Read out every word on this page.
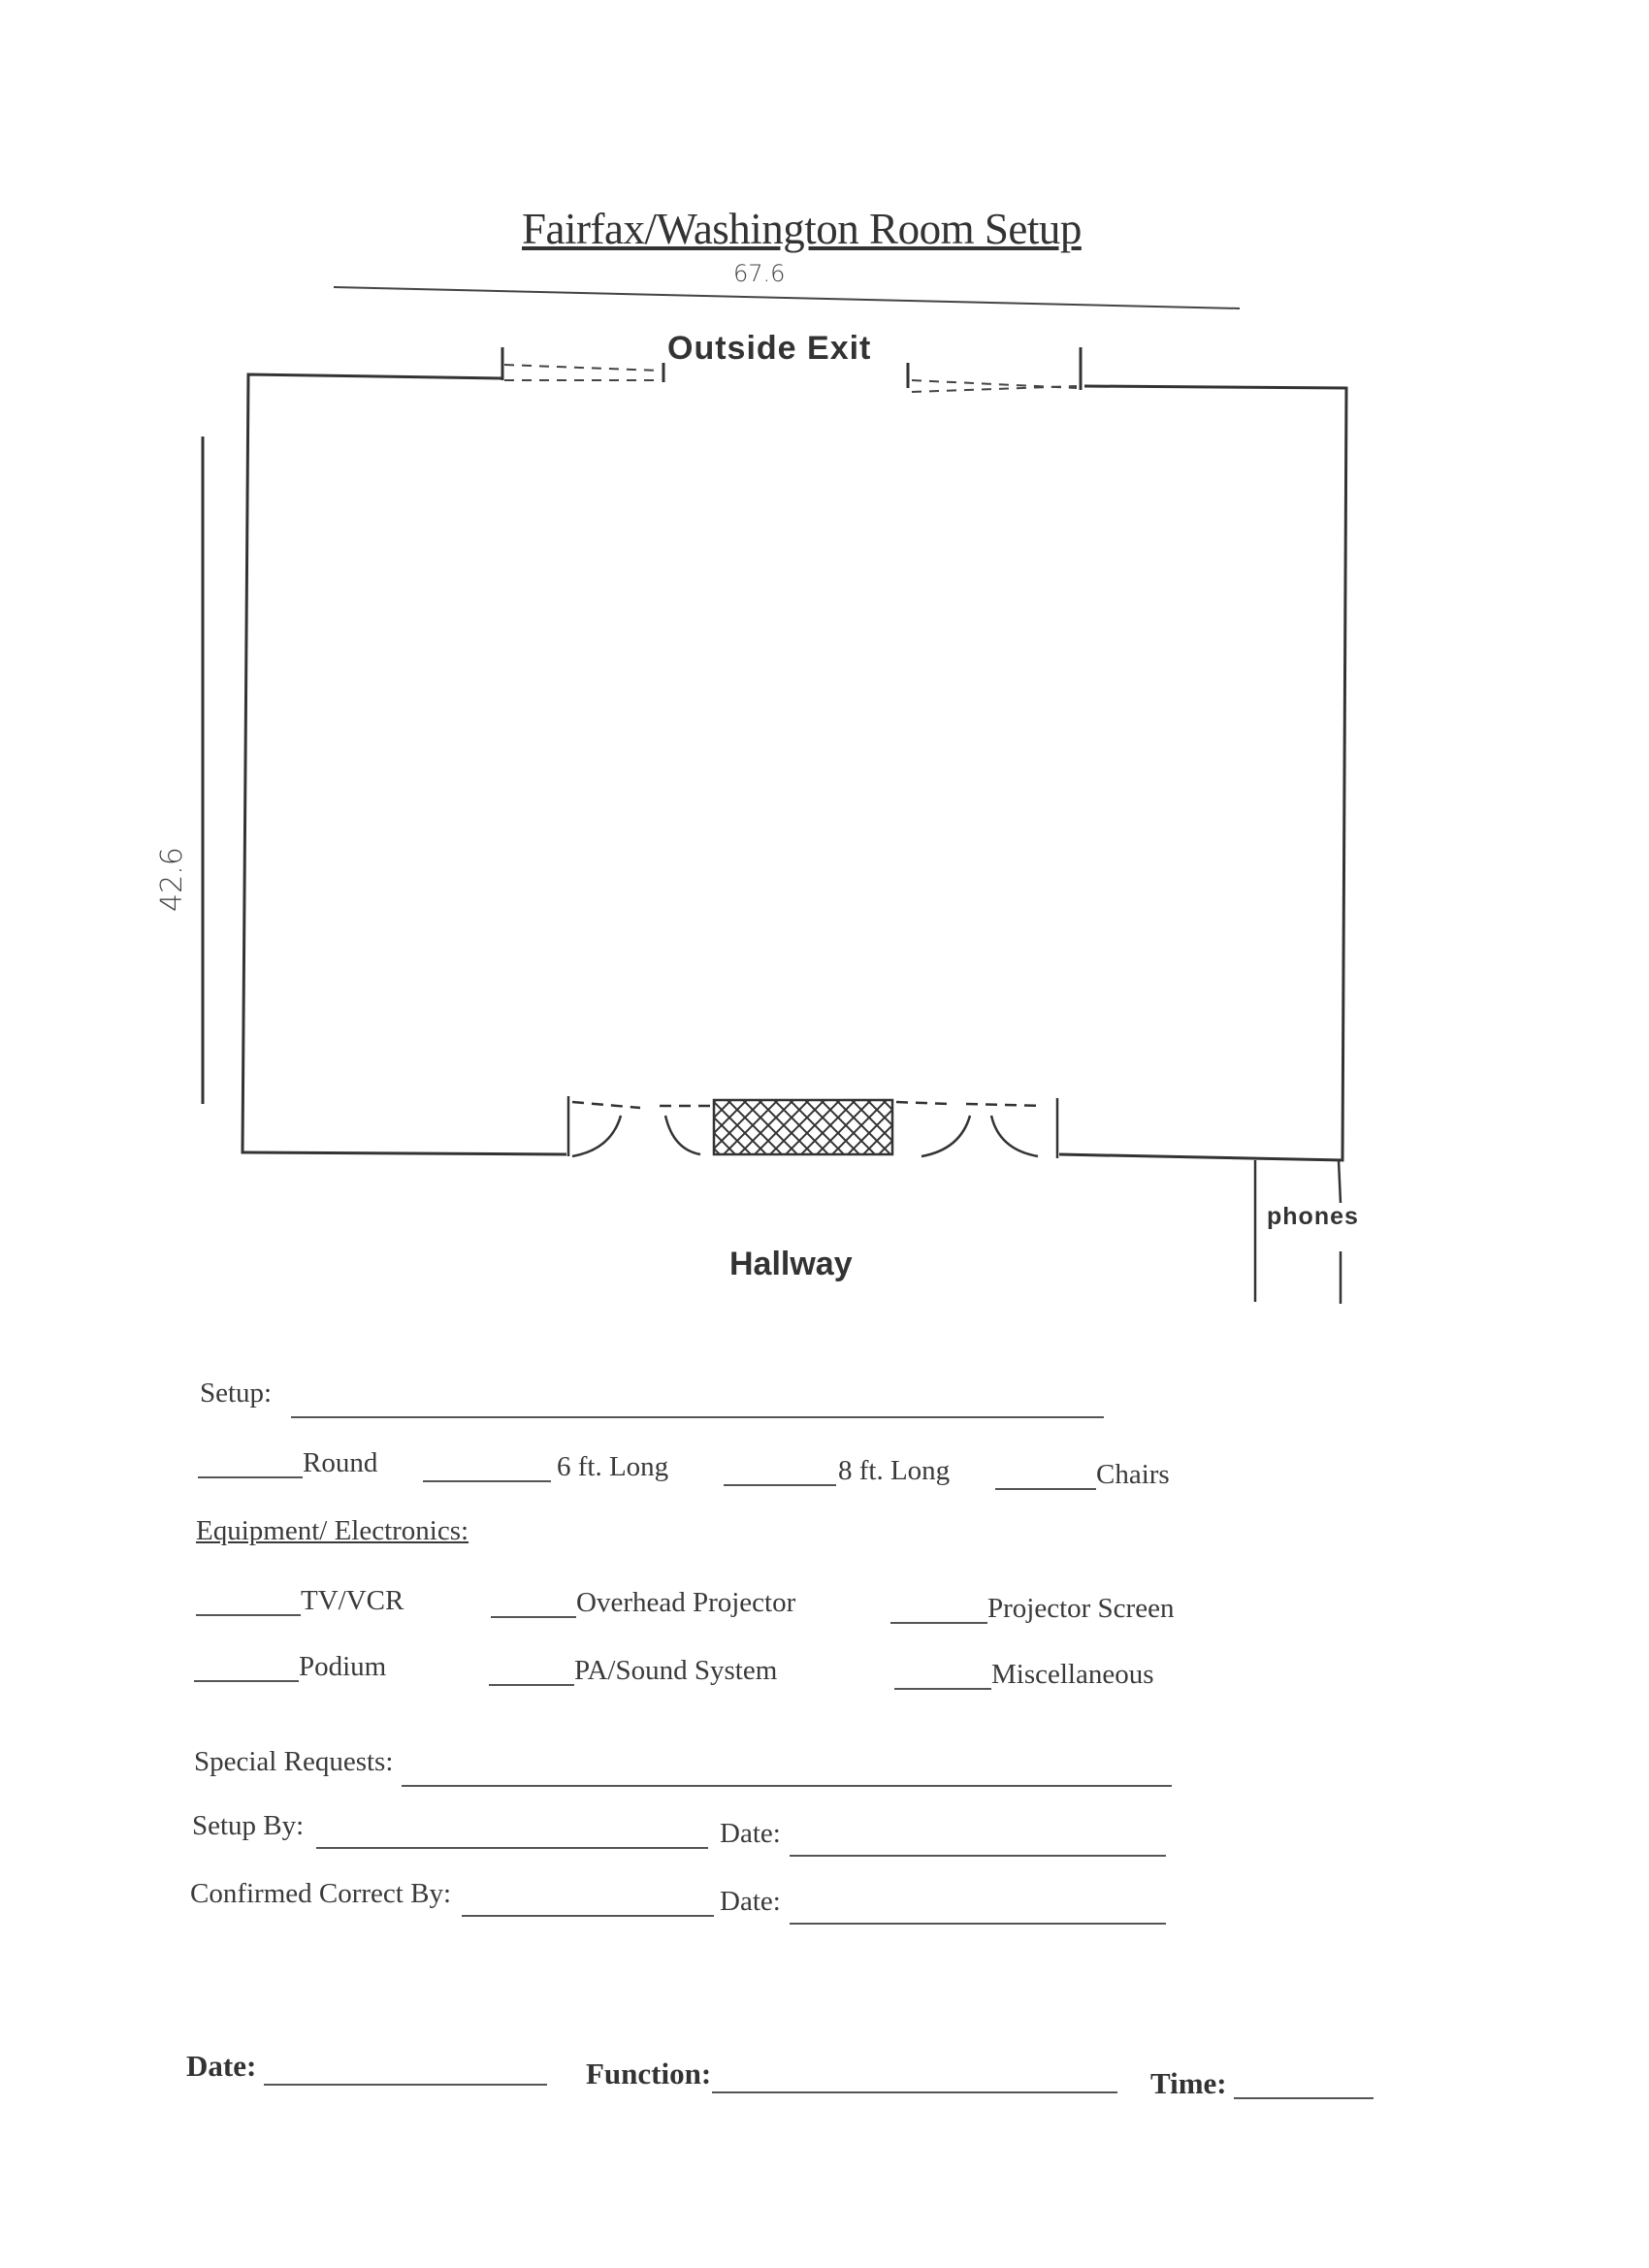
Fairfax/Washington Room Setup
67.6
42.6
Outside Exit
Hallway
phones
Setup:
Round	6 ft. Long	8 ft. Long	Chairs
Equipment/ Electronics:
TV/VCR	Overhead Projector	Projector Screen
Podium	PA/Sound System	Miscellaneous
Special Requests:
Setup By:	Date:
Confirmed Correct By:	Date:
Date:	Function:	Time:
